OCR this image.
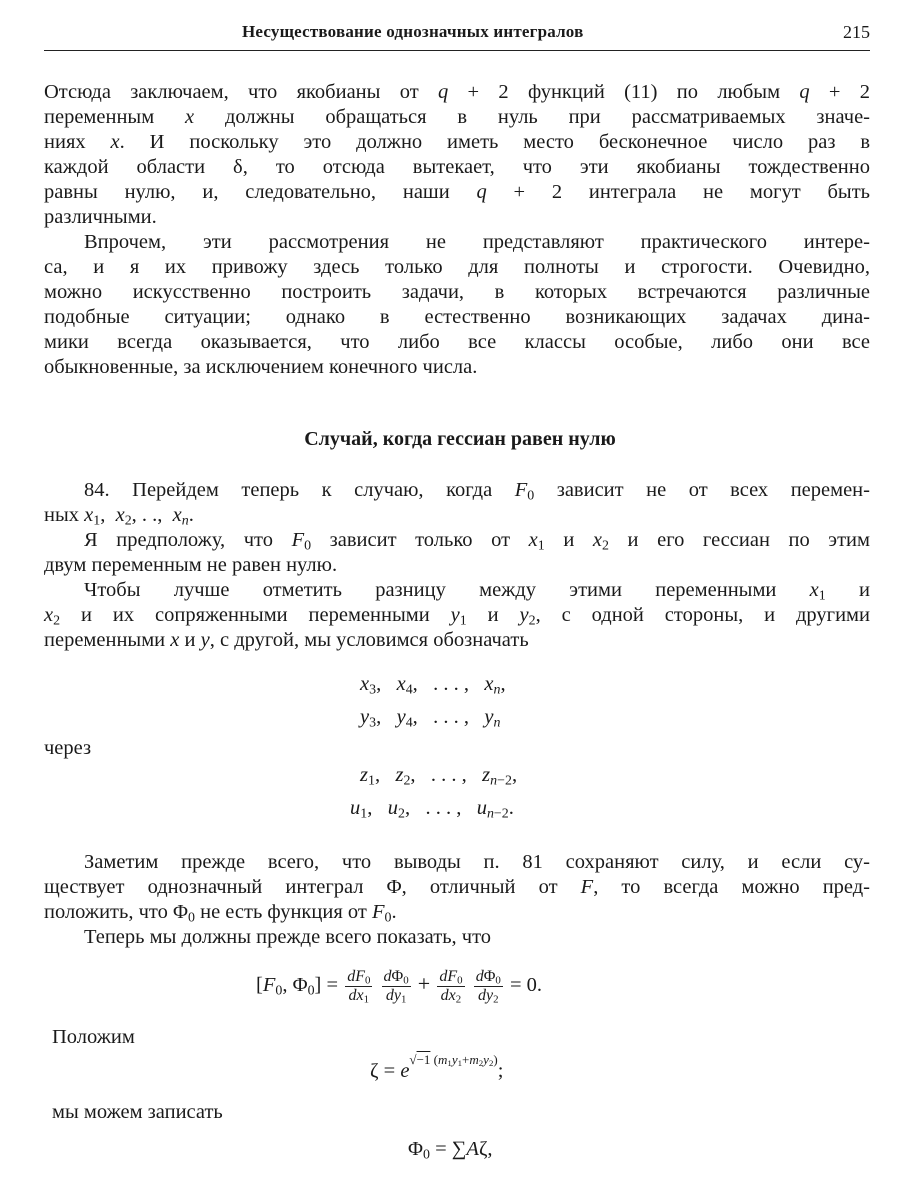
Несуществование однозначных интегралов	215
Отсюда заключаем, что якобианы от q + 2 функций (11) по любым q + 2
переменным x должны обращаться в нуль при рассматриваемых значе-
ниях x. И поскольку это должно иметь место бесконечное число раз в
каждой области δ, то отсюда вытекает, что эти якобианы тождественно
равны нулю, и, следовательно, наши q + 2 интеграла не могут быть
различными.
Впрочем, эти рассмотрения не представляют практического интере-
са, и я их привожу здесь только для полноты и строгости. Очевидно,
можно искусственно построить задачи, в которых встречаются различные
подобные ситуации; однако в естественно возникающих задачах дина-
мики всегда оказывается, что либо все классы особые, либо они все
обыкновенные, за исключением конечного числа.
Случай, когда гессиан равен нулю
84. Перейдем теперь к случаю, когда $F_0$ зависит не от всех перемен-
ных $x_1$,  $x_2$, . .,  $x_n$.
Я предположу, что $F_0$ зависит только от $x_1$ и $x_2$ и его гессиан по этим
двум переменным не равен нулю.
Чтобы лучше отметить разницу между этими переменными $x_1$ и
$x_2$ и их сопряженными переменными $y_1$ и $y_2$, с одной стороны, и другими
переменными x и y, с другой, мы условимся обозначать
$x_3$,   $x_4$,   . . . ,   $x_n$,
$y_3$,   $y_4$,   . . . ,   $y_n$
через
$z_1$,   $z_2$,   . . . ,   $z_{n-2}$,
$u_1$,   $u_2$,   . . . ,   $u_{n-2}$.
Заметим прежде всего, что выводы п. 81 сохраняют силу, и если су-
ществует однозначный интеграл Φ, отличный от F, то всегда можно пред-
положить, что $\Phi_0$ не есть функция от $F_0$.
Теперь мы должны прежде всего показать, что
[$F_0$, $\Phi_0] = \frac{dF_0}{dx_1}$
$\frac{d\Phi_0}{dy_1} + \frac{dF_0}{dx_2}$
$\frac{d\Phi_0}{dy_2} = 0$.
Положим
$\zeta = e^{√-1 (m_1y_1+m_2y_2)}$;
мы можем записать
$\Phi_0 = \sum A\zeta$,
